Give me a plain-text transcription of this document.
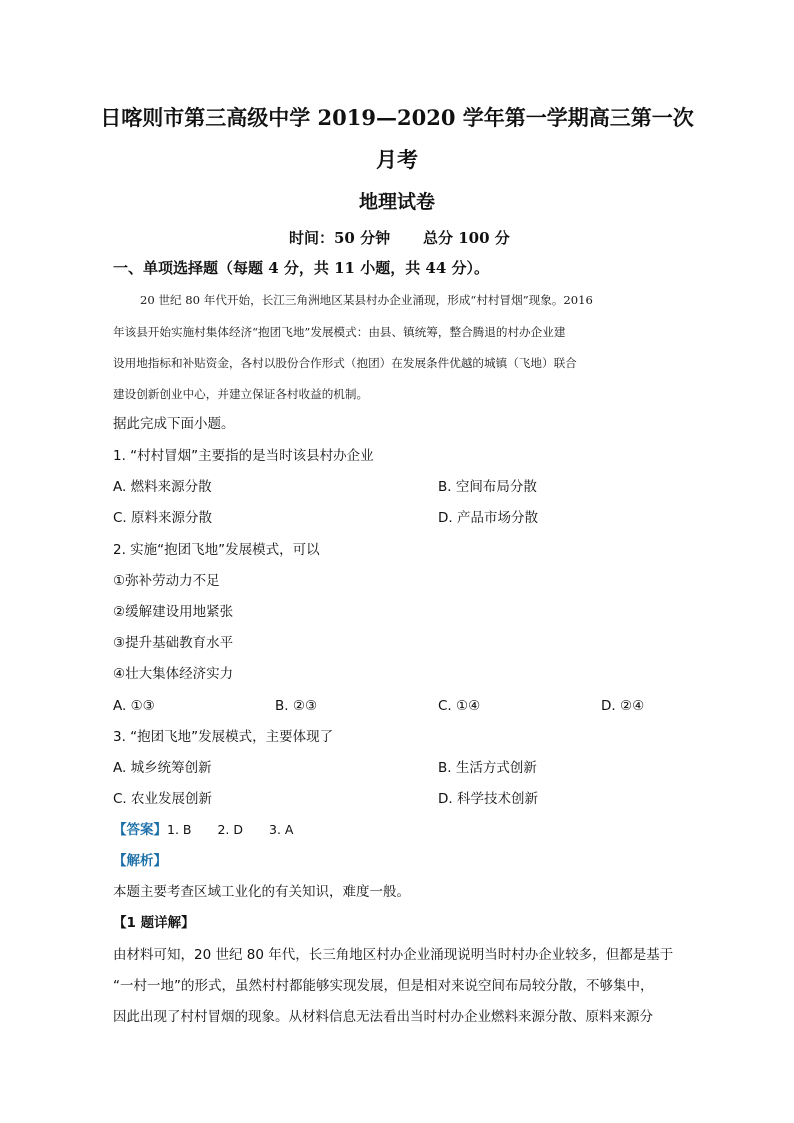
日喀则市第三高级中学 2019—2020 学年第一学期高三第一次
月考
地理试卷
时间：50 分钟 总分 100 分
一、单项选择题（每题 4 分，共 11 小题，共 44 分）。
20 世纪 80 年代开始，长江三角洲地区某县村办企业涌现，形成“村村冒烟”现象。2016
年该县开始实施村集体经济“抱团飞地”发展模式：由县、镇统筹，整合腾退的村办企业建
设用地指标和补贴资金，各村以股份合作形式（抱团）在发展条件优越的城镇（飞地）联合
建设创新创业中心，并建立保证各村收益的机制。
据此完成下面小题。
1. “村村冒烟”主要指的是当时该县村办企业
A. 燃料来源分散	B. 空间布局分散
C. 原料来源分散	D. 产品市场分散
2. 实施“抱团飞地”发展模式，可以
①弥补劳动力不足
②缓解建设用地紧张
③提升基础教育水平
④壮大集体经济实力
A. ①③	B. ②③	C. ①④	D. ②④
3. “抱团飞地”发展模式，主要体现了
A. 城乡统筹创新	B. 生活方式创新
C. 农业发展创新	D. 科学技术创新
【答案】1. B 2. D 3. A
【解析】
本题主要考查区域工业化的有关知识，难度一般。
【1 题详解】
由材料可知，20 世纪 80 年代，长三角地区村办企业涌现说明当时村办企业较多，但都是基于
“一村一地”的形式，虽然村村都能够实现发展，但是相对来说空间布局较分散，不够集中，
因此出现了村村冒烟的现象。从材料信息无法看出当时村办企业燃料来源分散、原料来源分
